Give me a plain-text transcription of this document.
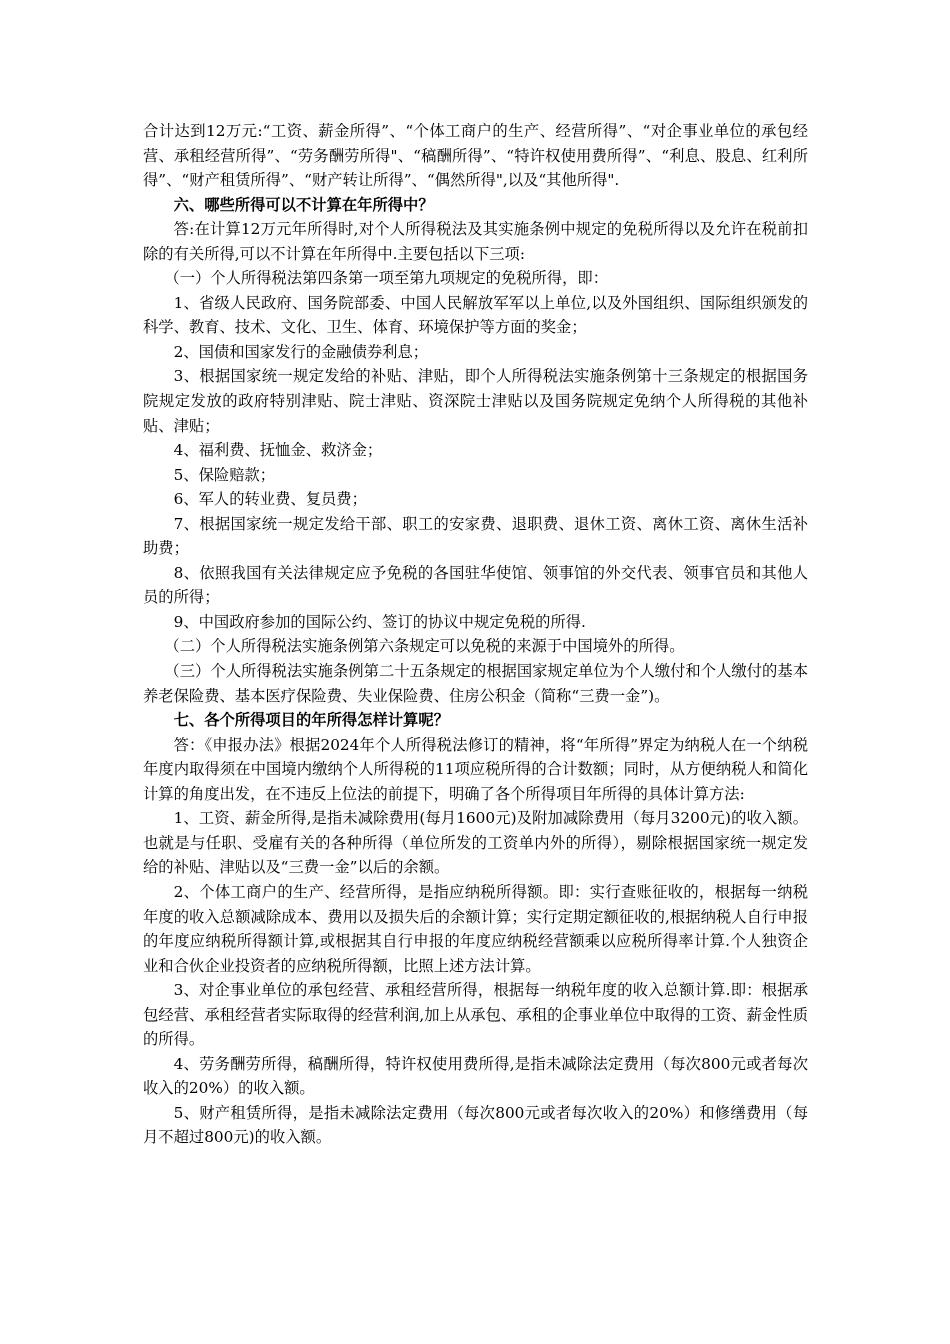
合计达到12万元:“工资、薪金所得”、“个体工商户的生产、经营所得”、“对企事业单位的承包经营、承租经营所得”、“劳务酬劳所得"、“稿酬所得”、“特许权使用费所得”、“利息、股息、红利所得”、“财产租赁所得”、“财产转让所得”、“偶然所得",以及“其他所得".

六、哪些所得可以不计算在年所得中？

答:在计算12万元年所得时,对个人所得税法及其实施条例中规定的免税所得以及允许在税前扣除的有关所得,可以不计算在年所得中.主要包括以下三项:

（一）个人所得税法第四条第一项至第九项规定的免税所得，即：

1、省级人民政府、国务院部委、中国人民解放军军以上单位,以及外国组织、国际组织颁发的科学、教育、技术、文化、卫生、体育、环境保护等方面的奖金；

2、国债和国家发行的金融债券利息；

3、根据国家统一规定发给的补贴、津贴，即个人所得税法实施条例第十三条规定的根据国务院规定发放的政府特别津贴、院士津贴、资深院士津贴以及国务院规定免纳个人所得税的其他补贴、津贴；

4、福利费、抚恤金、救济金；

5、保险赔款；

6、军人的转业费、复员费；

7、根据国家统一规定发给干部、职工的安家费、退职费、退休工资、离休工资、离休生活补助费；

8、依照我国有关法律规定应予免税的各国驻华使馆、领事馆的外交代表、领事官员和其他人员的所得；

9、中国政府参加的国际公约、签订的协议中规定免税的所得.

（二）个人所得税法实施条例第六条规定可以免税的来源于中国境外的所得。

（三）个人所得税法实施条例第二十五条规定的根据国家规定单位为个人缴付和个人缴付的基本养老保险费、基本医疗保险费、失业保险费、住房公积金（简称“三费一金”)。

七、各个所得项目的年所得怎样计算呢？

答：《申报办法》根据2024年个人所得税法修订的精神，将“年所得”界定为纳税人在一个纳税年度内取得须在中国境内缴纳个人所得税的11项应税所得的合计数额；同时，从方便纳税人和简化计算的角度出发，在不违反上位法的前提下，明确了各个所得项目年所得的具体计算方法:

1、工资、薪金所得,是指未减除费用(每月1600元)及附加减除费用（每月3200元)的收入额。也就是与任职、受雇有关的各种所得（单位所发的工资单内外的所得），剔除根据国家统一规定发给的补贴、津贴以及“三费一金”以后的余额。

2、个体工商户的生产、经营所得，是指应纳税所得额。即：实行查账征收的，根据每一纳税年度的收入总额减除成本、费用以及损失后的余额计算；实行定期定额征收的,根据纳税人自行申报的年度应纳税所得额计算,或根据其自行申报的年度应纳税经营额乘以应税所得率计算.个人独资企业和合伙企业投资者的应纳税所得额，比照上述方法计算。

3、对企事业单位的承包经营、承租经营所得，根据每一纳税年度的收入总额计算.即：根据承包经营、承租经营者实际取得的经营利润,加上从承包、承租的企事业单位中取得的工资、薪金性质的所得。

4、劳务酬劳所得，稿酬所得，特许权使用费所得,是指未减除法定费用（每次800元或者每次收入的20%）的收入额。

5、财产租赁所得，是指未减除法定费用（每次800元或者每次收入的20%）和修缮费用（每月不超过800元)的收入额。
